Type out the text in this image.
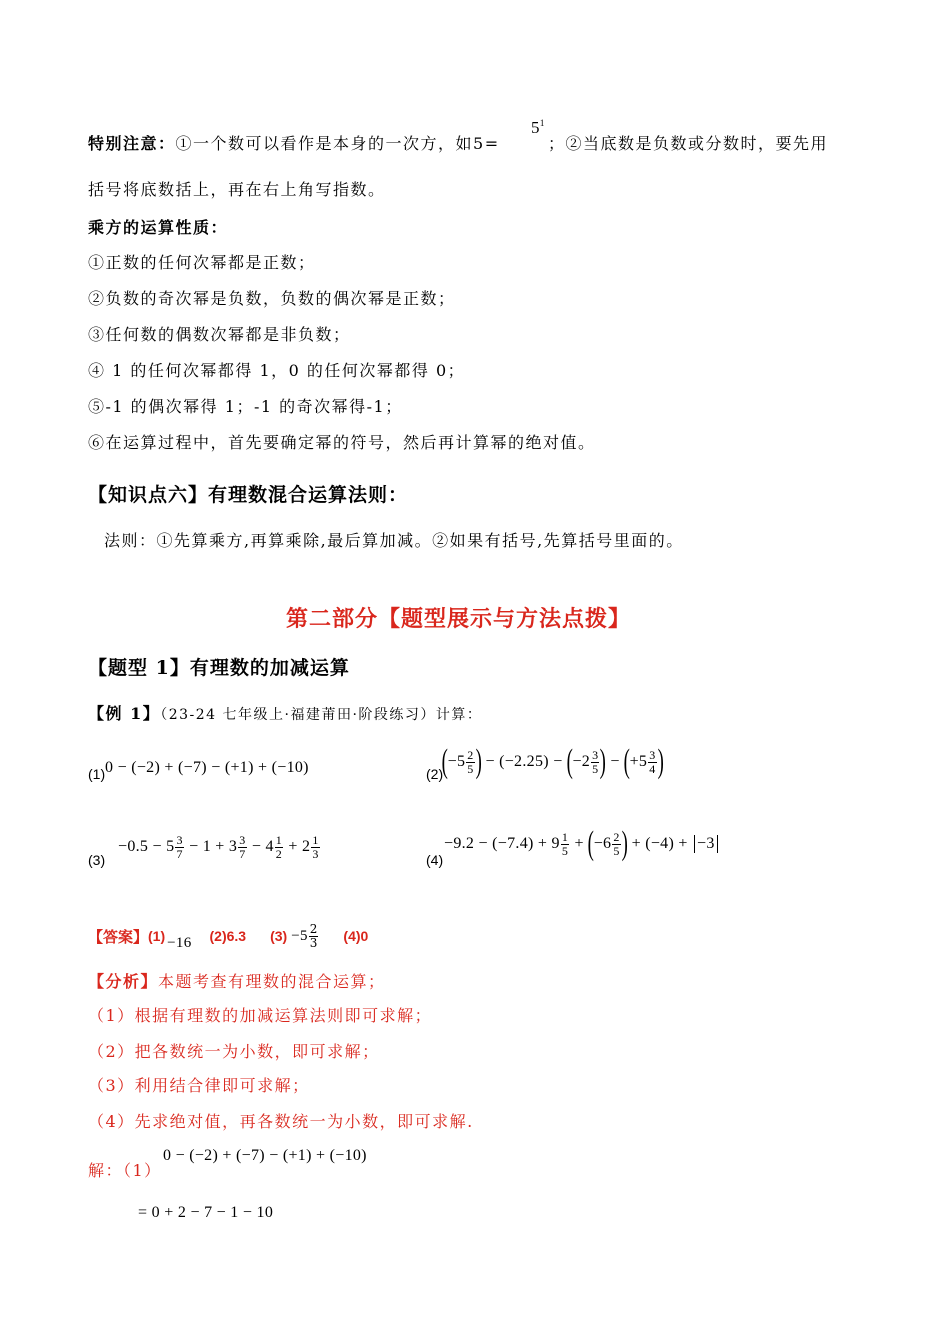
特别注意：①一个数可以看作是本身的一次方，如5=
$5^1$
；②当底数是负数或分数时，要先用
括号将底数括上，再在右上角写指数。
乘方的运算性质：
①正数的任何次幂都是正数；
②负数的奇次幂是负数，负数的偶次幂是正数；
③任何数的偶数次幂都是非负数；
④ 1 的任何次幂都得 1，0 的任何次幂都得 0；
⑤-1 的偶次幂得 1；-1 的奇次幂得-1；
⑥在运算过程中，首先要确定幂的符号，然后再计算幂的绝对值。
【知识点六】有理数混合运算法则：
法则：①先算乘方,再算乘除,最后算加减。②如果有括号,先算括号里面的。
第二部分【题型展示与方法点拨】
【题型 1】有理数的加减运算
【例 1】（23-24 七年级上·福建莆田·阶段练习）计算：
(1) 0 − (−2) + (−7) − (+1) + (−10)	(2)
( $-5 \frac{2}{5}$ ) − (−2.25) − ( $-2 \frac{3}{5}$ ) − ( $+5 \frac{3}{4}$ )
(3)
$-0.5 - 5 \frac{3}{7} - 1 + 3 \frac{3}{7} - 4 \frac{1}{2} + 2 \frac{1}{3}$	(4)
$-9.2 - (-7.4) + 9 \frac{1}{5}$ + ( $-6 \frac{2}{5}$ ) + (−4) + −3
【答案】 (1) −16 (2)6.3 $(3) -5 \frac{2}{3} (4)0$
【分析】本题考查有理数的混合运算；
（1）根据有理数的加减运算法则即可求解；
（2）把各数统一为小数，即可求解；
（3）利用结合律即可求解；
（4）先求绝对值，再各数统一为小数，即可求解.
解：（1）
0 − (−2) + (−7) − (+1) + (−10)
= 0 + 2 − 7 − 1 − 10
